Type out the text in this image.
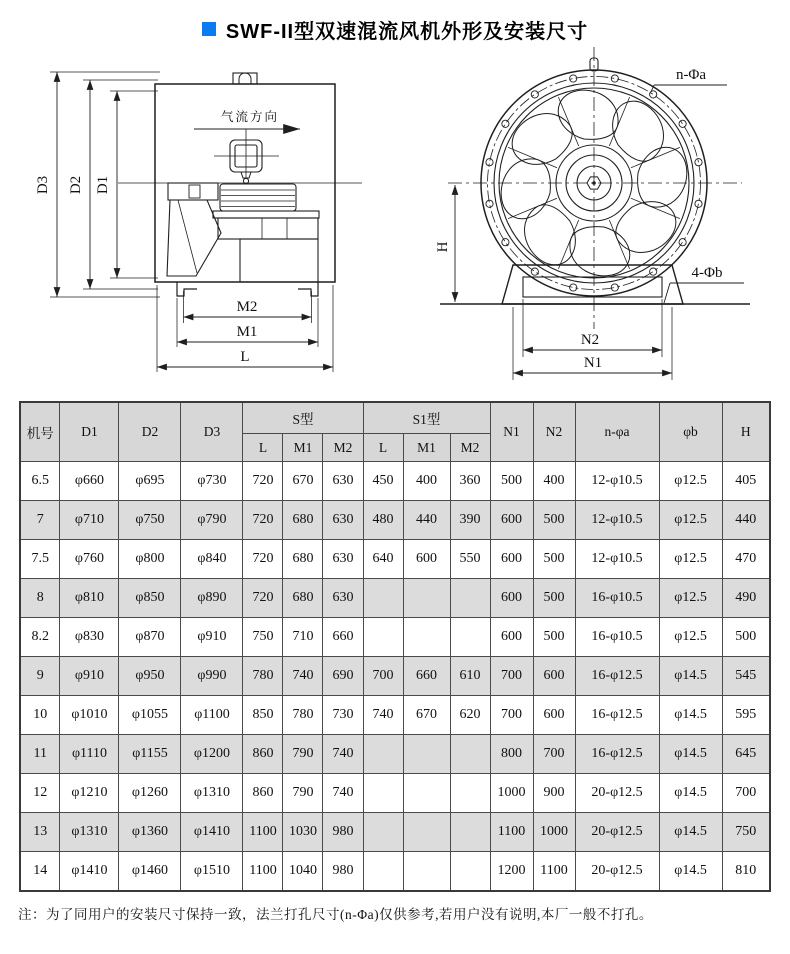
SWF-II型双速混流风机外形及安装尺寸
气流方向
D3 D2 D1
M2
M1
L
n-Φa
4-Φb
H
N2
N1
机号	D1	D2	D3	S型			S1型			N1	N2	n-φa	φb	H
				L	M1	M2	L	M1	M2					
6.5	φ660	φ695	φ730	720	670	630	450	400	360	500	400	12-φ10.5	φ12.5	405
7	φ710	φ750	φ790	720	680	630	480	440	390	600	500	12-φ10.5	φ12.5	440
7.5	φ760	φ800	φ840	720	680	630	640	600	550	600	500	12-φ10.5	φ12.5	470
8	φ810	φ850	φ890	720	680	630				600	500	16-φ10.5	φ12.5	490
8.2	φ830	φ870	φ910	750	710	660				600	500	16-φ10.5	φ12.5	500
9	φ910	φ950	φ990	780	740	690	700	660	610	700	600	16-φ12.5	φ14.5	545
10	φ1010	φ1055	φ1100	850	780	730	740	670	620	700	600	16-φ12.5	φ14.5	595
11	φ1110	φ1155	φ1200	860	790	740				800	700	16-φ12.5	φ14.5	645
12	φ1210	φ1260	φ1310	860	790	740				1000	900	20-φ12.5	φ14.5	700
13	φ1310	φ1360	φ1410	1100	1030	980				1100	1000	20-φ12.5	φ14.5	750
14	φ1410	φ1460	φ1510	1100	1040	980				1200	1100	20-φ12.5	φ14.5	810

注：为了同用户的安装尺寸保持一致，法兰打孔尺寸(n-Φa)仅供参考,若用户没有说明,本厂一般不打孔。
